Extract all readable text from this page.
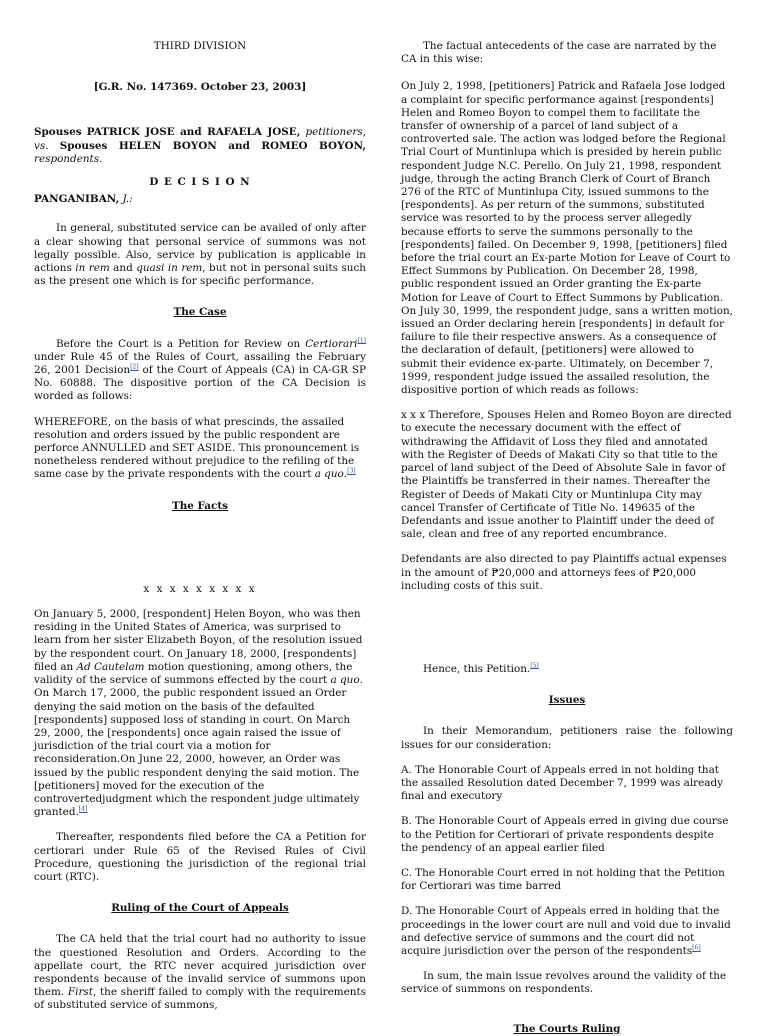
THIRD DIVISION

[G.R. No. 147369. October 23, 2003]

Spouses PATRICK JOSE and RAFAELA JOSE, petitioners, vs. Spouses HELEN BOYON and ROMEO BOYON, respondents.

D E C I S I O N

PANGANIBAN, J.:

In general, substituted service can be availed of only after a clear showing that personal service of summons was not legally possible. Also, service by publication is applicable in actions in rem and quasi in rem, but not in personal suits such as the present one which is for specific performance.

The Case

Before the Court is a Petition for Review on Certiorari[1] under Rule 45 of the Rules of Court, assailing the February 26, 2001 Decision[2] of the Court of Appeals (CA) in CA-GR SP No. 60888. The dispositive portion of the CA Decision is worded as follows:

WHEREFORE, on the basis of what prescinds, the assailed resolution and orders issued by the public respondent are perforce ANNULLED and SET ASIDE. This pronouncement is nonetheless rendered without prejudice to the refiling of the same case by the private respondents with the court a quo.[3]

The Facts

x x x x x x x x x

On January 5, 2000, [respondent] Helen Boyon, who was then residing in the United States of America, was surprised to learn from her sister Elizabeth Boyon, of the resolution issued by the respondent court. On January 18, 2000, [respondents] filed an Ad Cautelam motion questioning, among others, the validity of the service of summons effected by the court a quo. On March 17, 2000, the public respondent issued an Order denying the said motion on the basis of the defaulted [respondents] supposed loss of standing in court. On March 29, 2000, the [respondents] once again raised the issue of jurisdiction of the trial court via a motion for reconsideration.On June 22, 2000, however, an Order was issued by the public respondent denying the said motion. The [petitioners] moved for the execution of the controvertedjudgment which the respondent judge ultimately granted.[4]

Thereafter, respondents filed before the CA a Petition for certiorari under Rule 65 of the Revised Rules of Civil Procedure, questioning the jurisdiction of the regional trial court (RTC).

Ruling of the Court of Appeals

The CA held that the trial court had no authority to issue the questioned Resolution and Orders. According to the appellate court, the RTC never acquired jurisdiction over respondents because of the invalid service of summons upon them. First, the sheriff failed to comply with the requirements of substituted service of summons,

The factual antecedents of the case are narrated by the CA in this wise:

On July 2, 1998, [petitioners] Patrick and Rafaela Jose lodged a complaint for specific performance against [respondents] Helen and Romeo Boyon to compel them to facilitate the transfer of ownership of a parcel of land subject of a controverted sale. The action was lodged before the Regional Trial Court of Muntinlupa which is presided by herein public respondent Judge N.C. Perello. On July 21, 1998, respondent judge, through the acting Branch Clerk of Court of Branch 276 of the RTC of Muntinlupa City, issued summons to the [respondents]. As per return of the summons, substituted service was resorted to by the process server allegedly because efforts to serve the summons personally to the [respondents] failed. On December 9, 1998, [petitioners] filed before the trial court an Ex-parte Motion for Leave of Court to Effect Summons by Publication. On December 28, 1998, public respondent issued an Order granting the Ex-parte Motion for Leave of Court to Effect Summons by Publication. On July 30, 1999, the respondent judge, sans a written motion, issued an Order declaring herein [respondents] in default for failure to file their respective answers. As a consequence of the declaration of default, [petitioners] were allowed to submit their evidence ex-parte. Ultimately, on December 7, 1999, respondent judge issued the assailed resolution, the dispositive portion of which reads as follows:

x x x Therefore, Spouses Helen and Romeo Boyon are directed to execute the necessary document with the effect of withdrawing the Affidavit of Loss they filed and annotated with the Register of Deeds of Makati City so that title to the parcel of land subject of the Deed of Absolute Sale in favor of the Plaintiffs be transferred in their names. Thereafter the Register of Deeds of Makati City or Muntinlupa City may cancel Transfer of Certificate of Title No. 149635 of the Defendants and issue another to Plaintiff under the deed of sale, clean and free of any reported encumbrance.

Defendants are also directed to pay Plaintiffs actual expenses in the amount of ₱20,000 and attorneys fees of ₱20,000 including costs of this suit.

Hence, this Petition.[5]

Issues

In their Memorandum, petitioners raise the following issues for our consideration:

A. The Honorable Court of Appeals erred in not holding that the assailed Resolution dated December 7, 1999 was already final and executory

B. The Honorable Court of Appeals erred in giving due course to the Petition for Certiorari of private respondents despite the pendency of an appeal earlier filed

C. The Honorable Court erred in not holding that the Petition for Certiorari was time barred

D. The Honorable Court of Appeals erred in holding that the proceedings in the lower court are null and void due to invalid and defective service of summons and the court did not acquire jurisdiction over the person of the respondents[6]

In sum, the main issue revolves around the validity of the service of summons on respondents.

The Courts Ruling
